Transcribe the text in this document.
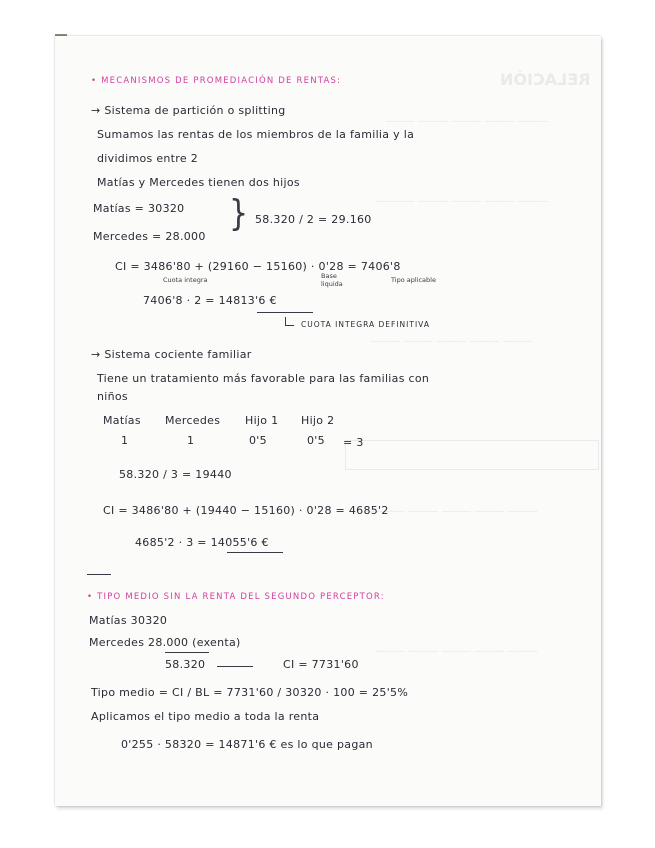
RELACIÓN
——— ——— ——— ——— ———
——— ——— ——— ——— ————
——— ——— ——— ——— ———
——— ——— ——— ——— ————
——— ——— ——— ——— ———
• MECANISMOS DE PROMEDIACIÓN DE RENTAS:
→ Sistema de partición o splitting
Sumamos las rentas de los miembros de la familia y la
dividimos entre 2
Matías y Mercedes tienen dos hijos
Matías = 30320
Mercedes = 28.000
} 58.320 / 2 = 29.160
CI = 3486'80 + (29160 − 15160) · 0'28 = 7406'8
Cuota integra	Base liquida	Tipo aplicable
7406'8 · 2 = 14813'6 €
CUOTA INTEGRA DEFINITIVA
→ Sistema cociente familiar
Tiene un tratamiento más favorable para las familias con
niños
Matías Mercedes Hijo 1 Hijo 2
1	1	0'5	0'5 = 3
58.320 / 3 = 19440
CI = 3486'80 + (19440 − 15160) · 0'28 = 4685'2
4685'2 · 3 = 14055'6 €
• TIPO MEDIO SIN LA RENTA DEL SEGUNDO PERCEPTOR:
Matías 30320
Mercedes 28.000 (exenta)
58.320	CI = 7731'60
Tipo medio = CI / BL = 7731'60 / 30320 · 100 = 25'5%
Aplicamos el tipo medio a toda la renta
0'255 · 58320 = 14871'6 € es lo que pagan
